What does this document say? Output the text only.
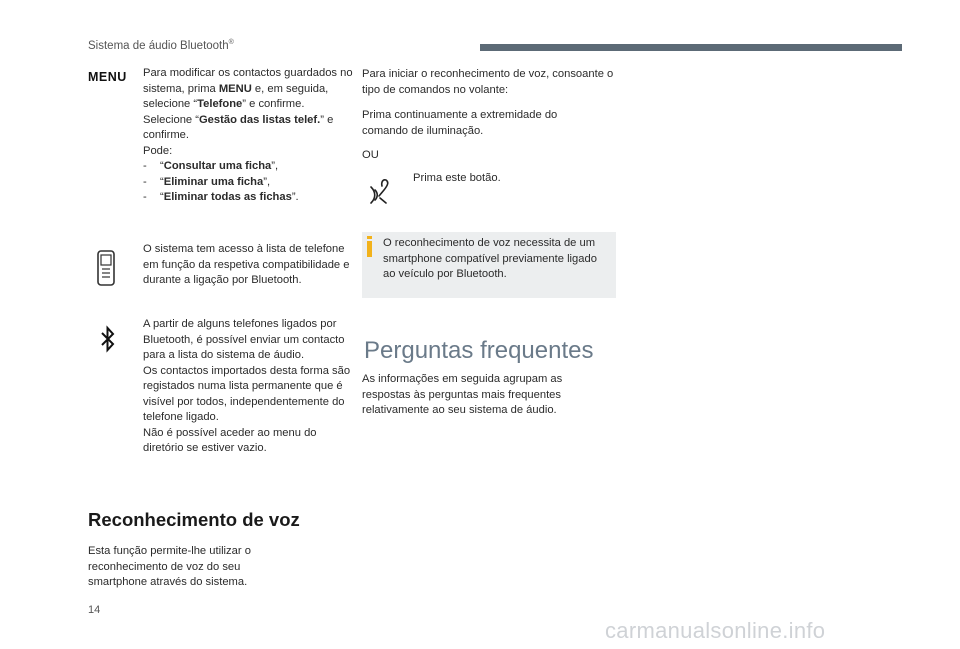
Sistema de áudio Bluetooth®
MENU Para modificar os contactos guardados no sistema, prima MENU e, em seguida, selecione “Telefone” e confirme.
Selecione “Gestão das listas telef.” e confirme.
Pode:
-	“Consultar uma ficha”,
-	“Eliminar uma ficha”,
-	“Eliminar todas as fichas”.
O sistema tem acesso à lista de telefone em função da respetiva compatibilidade e durante a ligação por Bluetooth.
A partir de alguns telefones ligados por Bluetooth, é possível enviar um contacto para a lista do sistema de áudio.
Os contactos importados desta forma são registados numa lista permanente que é visível por todos, independentemente do telefone ligado.
Não é possível aceder ao menu do diretório se estiver vazio.
Reconhecimento de voz
Esta função permite-lhe utilizar o reconhecimento de voz do seu smartphone através do sistema.
Para iniciar o reconhecimento de voz, consoante o tipo de comandos no volante:
Prima continuamente a extremidade do comando de iluminação.
OU
Prima este botão.
O reconhecimento de voz necessita de um smartphone compatível previamente ligado ao veículo por Bluetooth.
Perguntas frequentes
As informações em seguida agrupam as respostas às perguntas mais frequentes relativamente ao seu sistema de áudio.
14
carmanualsonline.info
